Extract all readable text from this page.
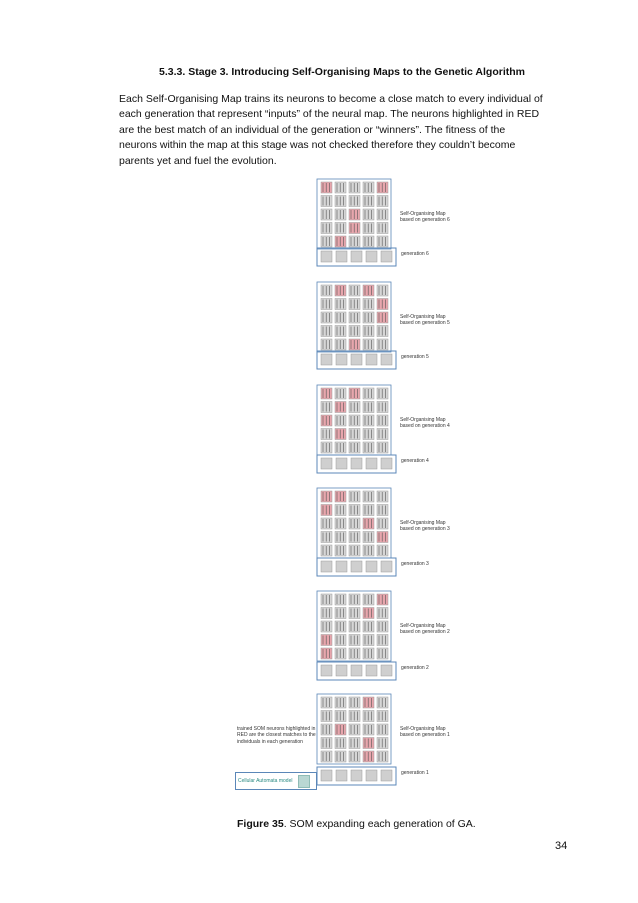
5.3.3. Stage 3. Introducing Self-Organising Maps to the Genetic Algorithm
Each Self-Organising Map trains its neurons to become a close match to every individual of each generation that represent “inputs” of the neural map. The neurons highlighted in RED are the best match of an individual of the generation or “winners”. The fitness of the neurons within the map at this stage was not checked therefore they couldn’t become parents yet and fuel the evolution.
Self-Organising Map
based on generation 6
generation 6
Self-Organising Map
based on generation 5
generation 5
Self-Organising Map
based on generation 4
generation 4
Self-Organising Map
based on generation 3
generation 3
Self-Organising Map
based on generation 2
generation 2
Self-Organising Map
based on generation 1
generation 1
trained SOM neurons highlighted in RED are the closest matches to the individuals in each generation
Cellular Automata model
Figure 35. SOM expanding each generation of GA.
34
